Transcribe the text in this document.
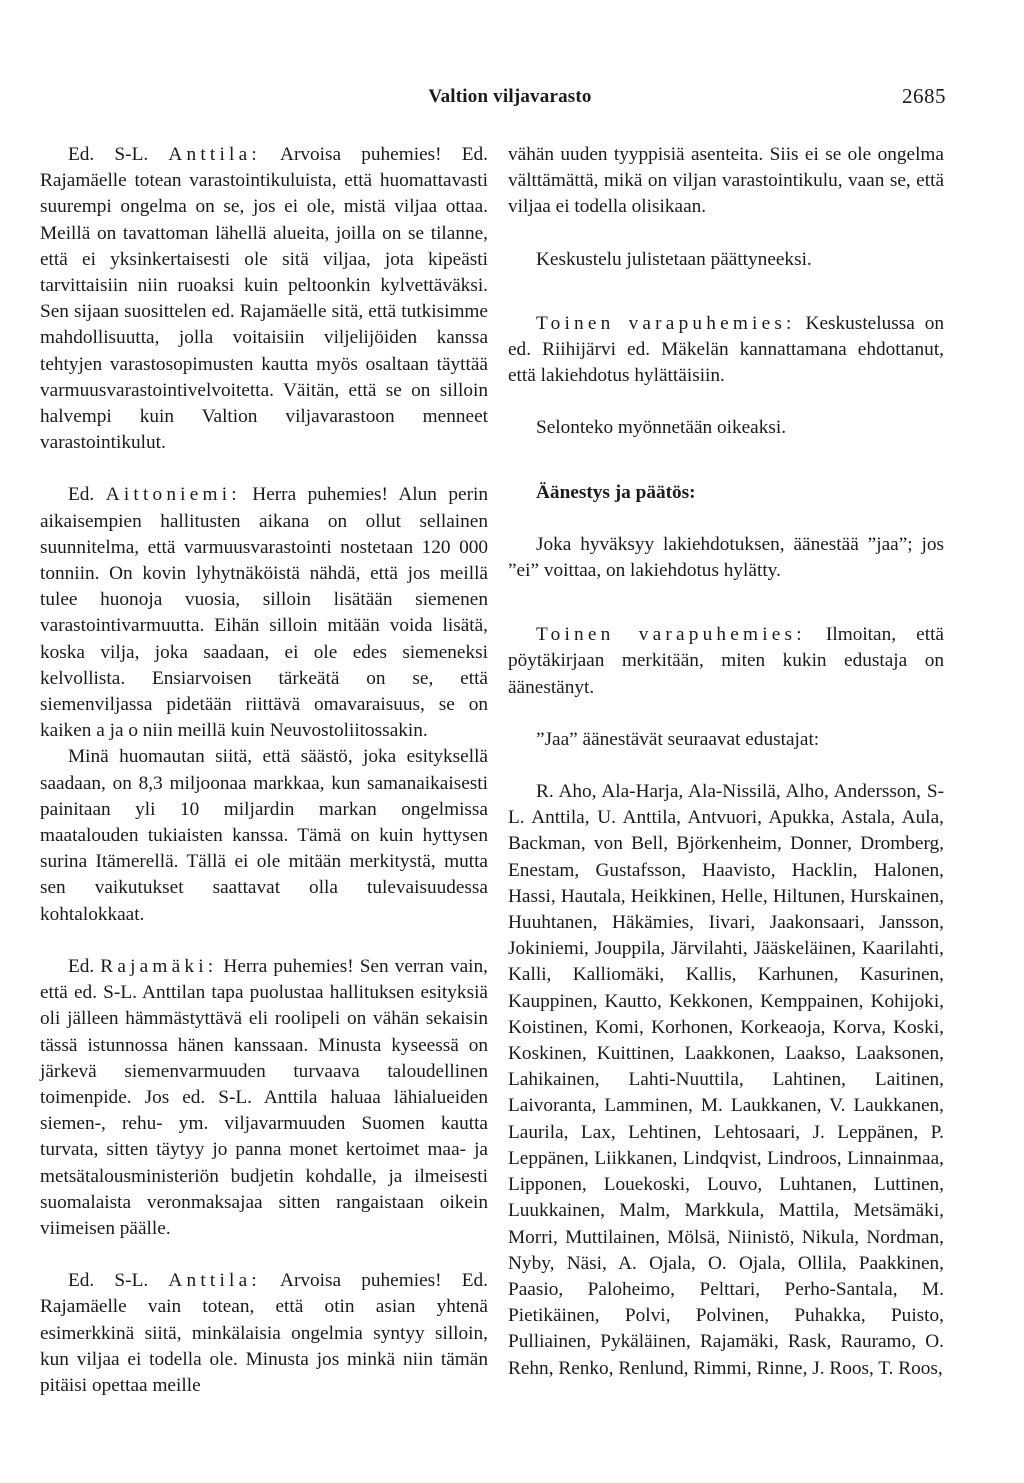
Valtion viljavarasto	2685

Ed. S-L. Anttila: Arvoisa puhemies! Ed. Rajamäelle totean varastointikuluista, että huomattavasti suurempi ongelma on se, jos ei ole, mistä viljaa ottaa. Meillä on tavattoman lähellä alueita, joilla on se tilanne, että ei yksinkertaisesti ole sitä viljaa, jota kipeästi tarvittaisiin niin ruoaksi kuin peltoonkin kylvettäväksi. Sen sijaan suosittelen ed. Rajamäelle sitä, että tutkisimme mahdollisuutta, jolla voitaisiin viljelijöiden kanssa tehtyjen varastosopimusten kautta myös osaltaan täyttää varmuusvarastointivelvoitetta. Väitän, että se on silloin halvempi kuin Valtion viljavarastoon menneet varastointikulut.

Ed. Aittoniemi: Herra puhemies! Alun perin aikaisempien hallitusten aikana on ollut sellainen suunnitelma, että varmuusvarastointi nostetaan 120 000 tonniin. On kovin lyhytnäköistä nähdä, että jos meillä tulee huonoja vuosia, silloin lisätään siemenen varastointivarmuutta. Eihän silloin mitään voida lisätä, koska vilja, joka saadaan, ei ole edes siemeneksi kelvollista. Ensiarvoisen tärkeätä on se, että siemenviljassa pidetään riittävä omavaraisuus, se on kaiken a ja o niin meillä kuin Neuvostoliitossakin.

Minä huomautan siitä, että säästö, joka esityksellä saadaan, on 8,3 miljoonaa markkaa, kun samanaikaisesti painitaan yli 10 miljardin markan ongelmissa maatalouden tukiaisten kanssa. Tämä on kuin hyttysen surina Itämerellä. Tällä ei ole mitään merkitystä, mutta sen vaikutukset saattavat olla tulevaisuudessa kohtalokkaat.

Ed. Rajamäki: Herra puhemies! Sen verran vain, että ed. S-L. Anttilan tapa puolustaa hallituksen esityksiä oli jälleen hämmästyttävä eli roolipeli on vähän sekaisin tässä istunnossa hänen kanssaan. Minusta kyseessä on järkevä siemenvarmuuden turvaava taloudellinen toimenpide. Jos ed. S-L. Anttila haluaa lähialueiden siemen-, rehu- ym. viljavarmuuden Suomen kautta turvata, sitten täytyy jo panna monet kertoimet maa- ja metsätalousministeriön budjetin kohdalle, ja ilmeisesti suomalaista veronmaksajaa sitten rangaistaan oikein viimeisen päälle.

Ed. S-L. Anttila: Arvoisa puhemies! Ed. Rajamäelle vain totean, että otin asian yhtenä esimerkkinä siitä, minkälaisia ongelmia syntyy silloin, kun viljaa ei todella ole. Minusta jos minkä niin tämän pitäisi opettaa meille

vähän uuden tyyppisiä asenteita. Siis ei se ole ongelma välttämättä, mikä on viljan varastointikulu, vaan se, että viljaa ei todella olisikaan.

Keskustelu julistetaan päättyneeksi.

Toinen varapuhemies: Keskustelussa on ed. Riihijärvi ed. Mäkelän kannattamana ehdottanut, että lakiehdotus hylättäisiin.

Selonteko myönnetään oikeaksi.

Äänestys ja päätös:

Joka hyväksyy lakiehdotuksen, äänestää ”jaa”; jos ”ei” voittaa, on lakiehdotus hylätty.

Toinen varapuhemies: Ilmoitan, että pöytäkirjaan merkitään, miten kukin edustaja on äänestänyt.

”Jaa” äänestävät seuraavat edustajat:

R. Aho, Ala-Harja, Ala-Nissilä, Alho, Andersson, S-L. Anttila, U. Anttila, Antvuori, Apukka, Astala, Aula, Backman, von Bell, Björkenheim, Donner, Dromberg, Enestam, Gustafsson, Haavisto, Hacklin, Halonen, Hassi, Hautala, Heikkinen, Helle, Hiltunen, Hurskainen, Huuhtanen, Häkämies, Iivari, Jaakonsaari, Jansson, Jokiniemi, Jouppila, Järvilahti, Jääskeläinen, Kaarilahti, Kalli, Kalliomäki, Kallis, Karhunen, Kasurinen, Kauppinen, Kautto, Kekkonen, Kemppainen, Kohijoki, Koistinen, Komi, Korhonen, Korkeaoja, Korva, Koski, Koskinen, Kuittinen, Laakkonen, Laakso, Laaksonen, Lahikainen, Lahti-Nuuttila, Lahtinen, Laitinen, Laivoranta, Lamminen, M. Laukkanen, V. Laukkanen, Laurila, Lax, Lehtinen, Lehtosaari, J. Leppänen, P. Leppänen, Liikkanen, Lindqvist, Lindroos, Linnainmaa, Lipponen, Louekoski, Louvo, Luhtanen, Luttinen, Luukkainen, Malm, Markkula, Mattila, Metsämäki, Morri, Muttilainen, Mölsä, Niinistö, Nikula, Nordman, Nyby, Näsi, A. Ojala, O. Ojala, Ollila, Paakkinen, Paasio, Paloheimo, Pelttari, Perho-Santala, M. Pietikäinen, Polvi, Polvinen, Puhakka, Puisto, Pulliainen, Pykäläinen, Rajamäki, Rask, Rauramo, O. Rehn, Renko, Renlund, Rimmi, Rinne, J. Roos, T. Roos,
